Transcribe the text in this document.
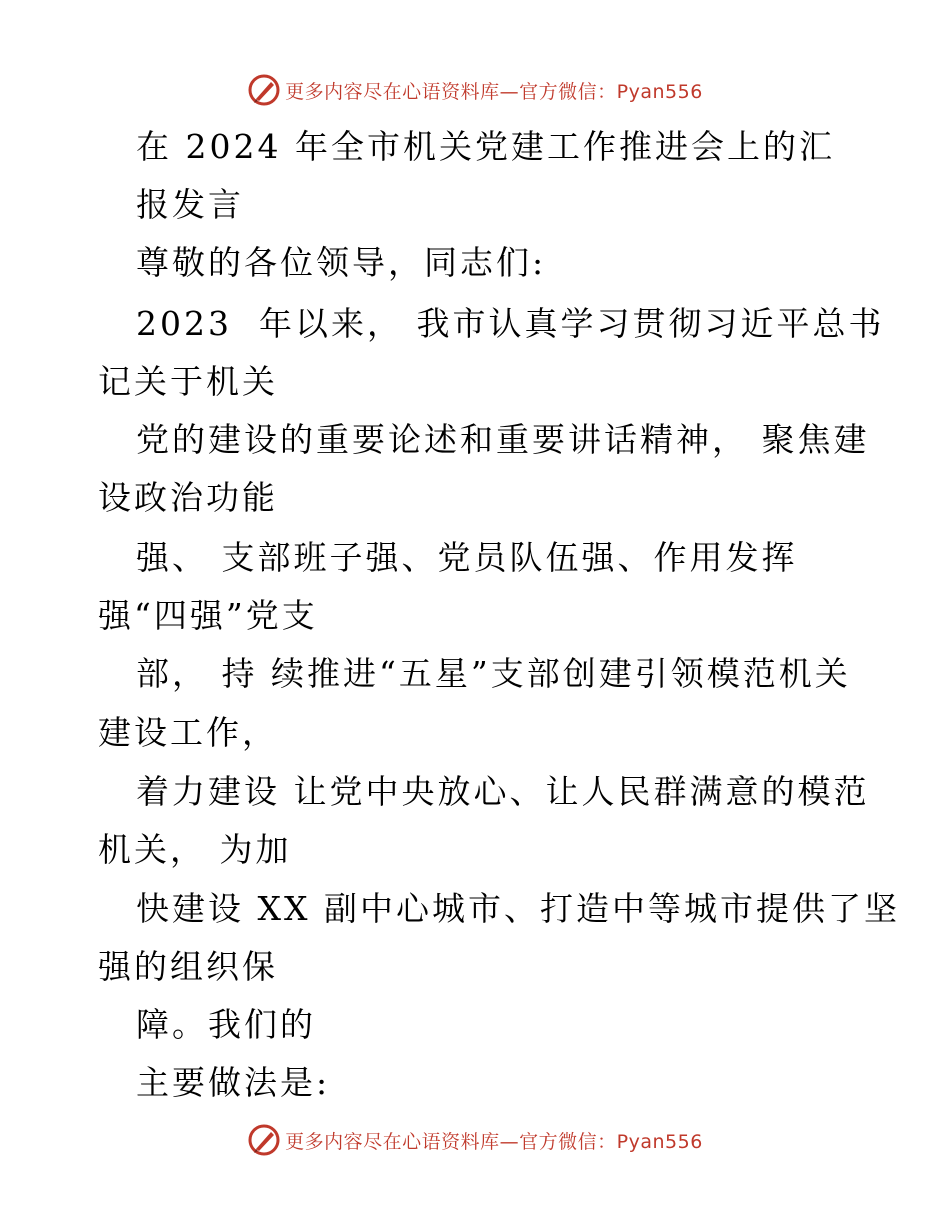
更多内容尽在心语资料库—官方微信：Pyan556

在 2024 年全市机关党建工作推进会上的汇

报发言

尊敬的各位领导，同志们:

2023  年以来， 我市认真学习贯彻习近平总书

记关于机关

党的建设的重要论述和重要讲话精神， 聚焦建

设政治功能

强、 支部班子强、党员队伍强、作用发挥

强“四强”党支

部， 持 续推进“五星”支部创建引领模范机关

建设工作，

着力建设 让党中央放心、让人民群满意的模范

机关， 为加

快建设 XX 副中心城市、打造中等城市提供了坚

强的组织保

障。我们的

主要做法是:

更多内容尽在心语资料库—官方微信：Pyan556
